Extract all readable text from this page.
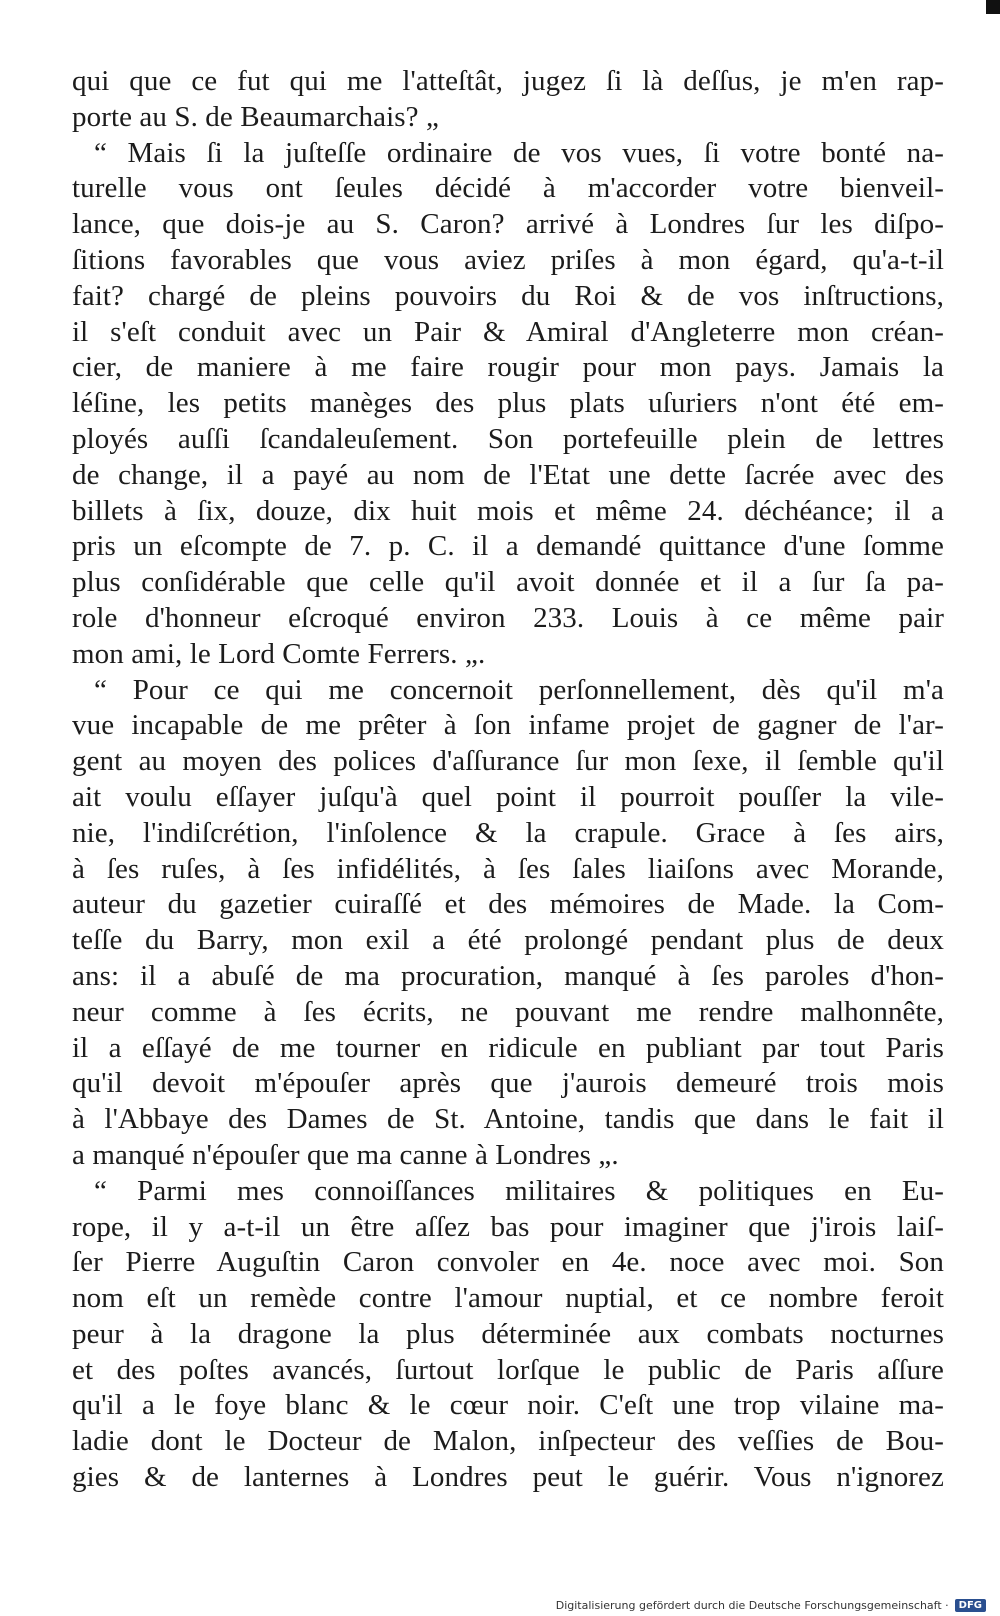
qui que ce fut qui me l'atteſtât, jugez ſi là deſſus, je m'en rap-
porte au S. de Beaumarchais? „
“ Mais ſi la juſteſſe ordinaire de vos vues, ſi votre bonté na-
turelle vous ont ſeules décidé à m'accorder votre bienveil-
lance, que dois-je au S. Caron? arrivé à Londres ſur les diſpo-
ſitions favorables que vous aviez priſes à mon égard, qu'a-t-il
fait? chargé de pleins pouvoirs du Roi & de vos inſtructions,
il s'eſt conduit avec un Pair & Amiral d'Angleterre mon créan-
cier, de maniere à me faire rougir pour mon pays. Jamais la
léſine, les petits manèges des plus plats uſuriers n'ont été em-
ployés auſſi ſcandaleuſement. Son portefeuille plein de lettres
de change, il a payé au nom de l'Etat une dette ſacrée avec des
billets à ſix, douze, dix huit mois et même 24. déchéance; il a
pris un eſcompte de 7. p. C. il a demandé quittance d'une ſomme
plus conſidérable que celle qu'il avoit donnée et il a ſur ſa pa-
role d'honneur eſcroqué environ 233. Louis à ce même pair
mon ami, le Lord Comte Ferrers. „.
“ Pour ce qui me concernoit perſonnellement, dès qu'il m'a
vue incapable de me prêter à ſon infame projet de gagner de l'ar-
gent au moyen des polices d'aſſurance ſur mon ſexe, il ſemble qu'il
ait voulu eſſayer juſqu'à quel point il pourroit pouſſer la vile-
nie, l'indiſcrétion, l'inſolence & la crapule. Grace à ſes airs,
à ſes ruſes, à ſes infidélités, à ſes ſales liaiſons avec Morande,
auteur du gazetier cuiraſſé et des mémoires de Made. la Com-
teſſe du Barry, mon exil a été prolongé pendant plus de deux
ans: il a abuſé de ma procuration, manqué à ſes paroles d'hon-
neur comme à ſes écrits, ne pouvant me rendre malhonnête,
il a eſſayé de me tourner en ridicule en publiant par tout Paris
qu'il devoit m'épouſer après que j'aurois demeuré trois mois
à l'Abbaye des Dames de St. Antoine, tandis que dans le fait il
a manqué n'épouſer que ma canne à Londres „.
“ Parmi mes connoiſſances militaires & politiques en Eu-
rope, il y a-t-il un être aſſez bas pour imaginer que j'irois laiſ-
ſer Pierre Auguſtin Caron convoler en 4e. noce avec moi. Son
nom eſt un remède contre l'amour nuptial, et ce nombre feroit
peur à la dragone la plus déterminée aux combats nocturnes
et des poſtes avancés, ſurtout lorſque le public de Paris aſſure
qu'il a le foye blanc & le cœur noir. C'eſt une trop vilaine ma-
ladie dont le Docteur de Malon, inſpecteur des veſſies de Bou-
gies & de lanternes à Londres peut le guérir. Vous n'ignorez
Digitalisierung gefördert durch die Deutsche Forschungsgemeinschaft ·	DFG
